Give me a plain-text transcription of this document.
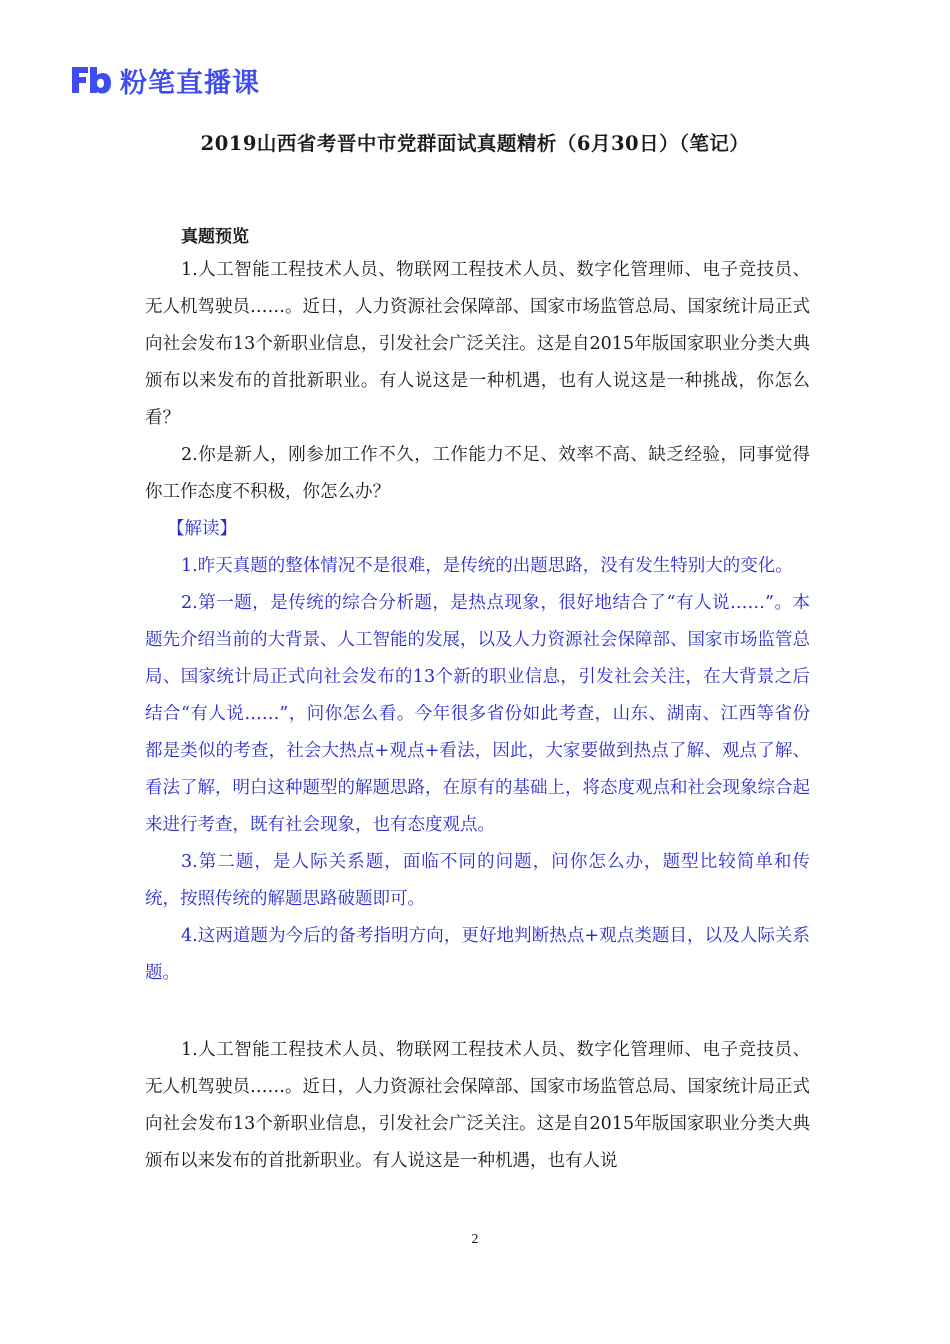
粉笔直播课
2019山西省考晋中市党群面试真题精析（6月30日）（笔记）
真题预览

1.人工智能工程技术人员、物联网工程技术人员、数字化管理师、电子竞技员、无人机驾驶员……。近日，人力资源社会保障部、国家市场监管总局、国家统计局正式向社会发布13个新职业信息，引发社会广泛关注。这是自2015年版国家职业分类大典颁布以来发布的首批新职业。有人说这是一种机遇，也有人说这是一种挑战，你怎么看？

2.你是新人，刚参加工作不久，工作能力不足、效率不高、缺乏经验，同事觉得你工作态度不积极，你怎么办？

【解读】

1.昨天真题的整体情况不是很难，是传统的出题思路，没有发生特别大的变化。

2.第一题，是传统的综合分析题，是热点现象，很好地结合了“有人说……”。本题先介绍当前的大背景、人工智能的发展，以及人力资源社会保障部、国家市场监管总局、国家统计局正式向社会发布的13个新的职业信息，引发社会关注，在大背景之后结合“有人说……”，问你怎么看。今年很多省份如此考查，山东、湖南、江西等省份都是类似的考查，社会大热点+观点+看法，因此，大家要做到热点了解、观点了解、看法了解，明白这种题型的解题思路，在原有的基础上，将态度观点和社会现象综合起来进行考查，既有社会现象，也有态度观点。

3.第二题，是人际关系题，面临不同的问题，问你怎么办，题型比较简单和传统，按照传统的解题思路破题即可。

4.这两道题为今后的备考指明方向，更好地判断热点+观点类题目，以及人际关系题。

1.人工智能工程技术人员、物联网工程技术人员、数字化管理师、电子竞技员、无人机驾驶员……。近日，人力资源社会保障部、国家市场监管总局、国家统计局正式向社会发布13个新职业信息，引发社会广泛关注。这是自2015年版国家职业分类大典颁布以来发布的首批新职业。有人说这是一种机遇，也有人说

2
